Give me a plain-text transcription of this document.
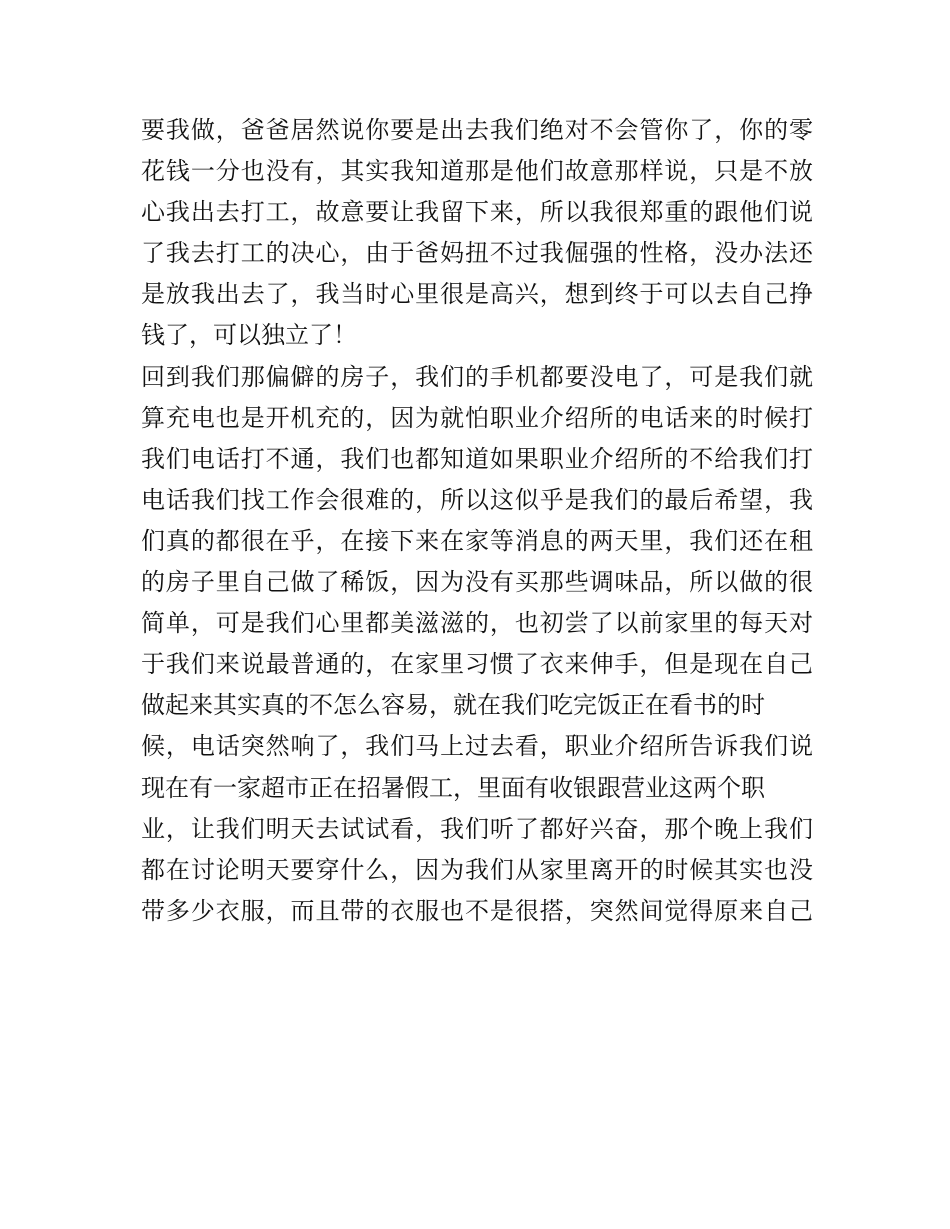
要我做，爸爸居然说你要是出去我们绝对不会管你了，你的零
花钱一分也没有，其实我知道那是他们故意那样说，只是不放
心我出去打工，故意要让我留下来，所以我很郑重的跟他们说
了我去打工的决心，由于爸妈扭不过我倔强的性格，没办法还
是放我出去了，我当时心里很是高兴，想到终于可以去自己挣
钱了，可以独立了！
回到我们那偏僻的房子，我们的手机都要没电了，可是我们就
算充电也是开机充的，因为就怕职业介绍所的电话来的时候打
我们电话打不通，我们也都知道如果职业介绍所的不给我们打
电话我们找工作会很难的，所以这似乎是我们的最后希望，我
们真的都很在乎，在接下来在家等消息的两天里，我们还在租
的房子里自己做了稀饭，因为没有买那些调味品，所以做的很
简单，可是我们心里都美滋滋的，也初尝了以前家里的每天对
于我们来说最普通的，在家里习惯了衣来伸手，但是现在自己
做起来其实真的不怎么容易，就在我们吃完饭正在看书的时
候，电话突然响了，我们马上过去看，职业介绍所告诉我们说
现在有一家超市正在招暑假工，里面有收银跟营业这两个职
业，让我们明天去试试看，我们听了都好兴奋，那个晚上我们
都在讨论明天要穿什么，因为我们从家里离开的时候其实也没
带多少衣服，而且带的衣服也不是很搭，突然间觉得原来自己
